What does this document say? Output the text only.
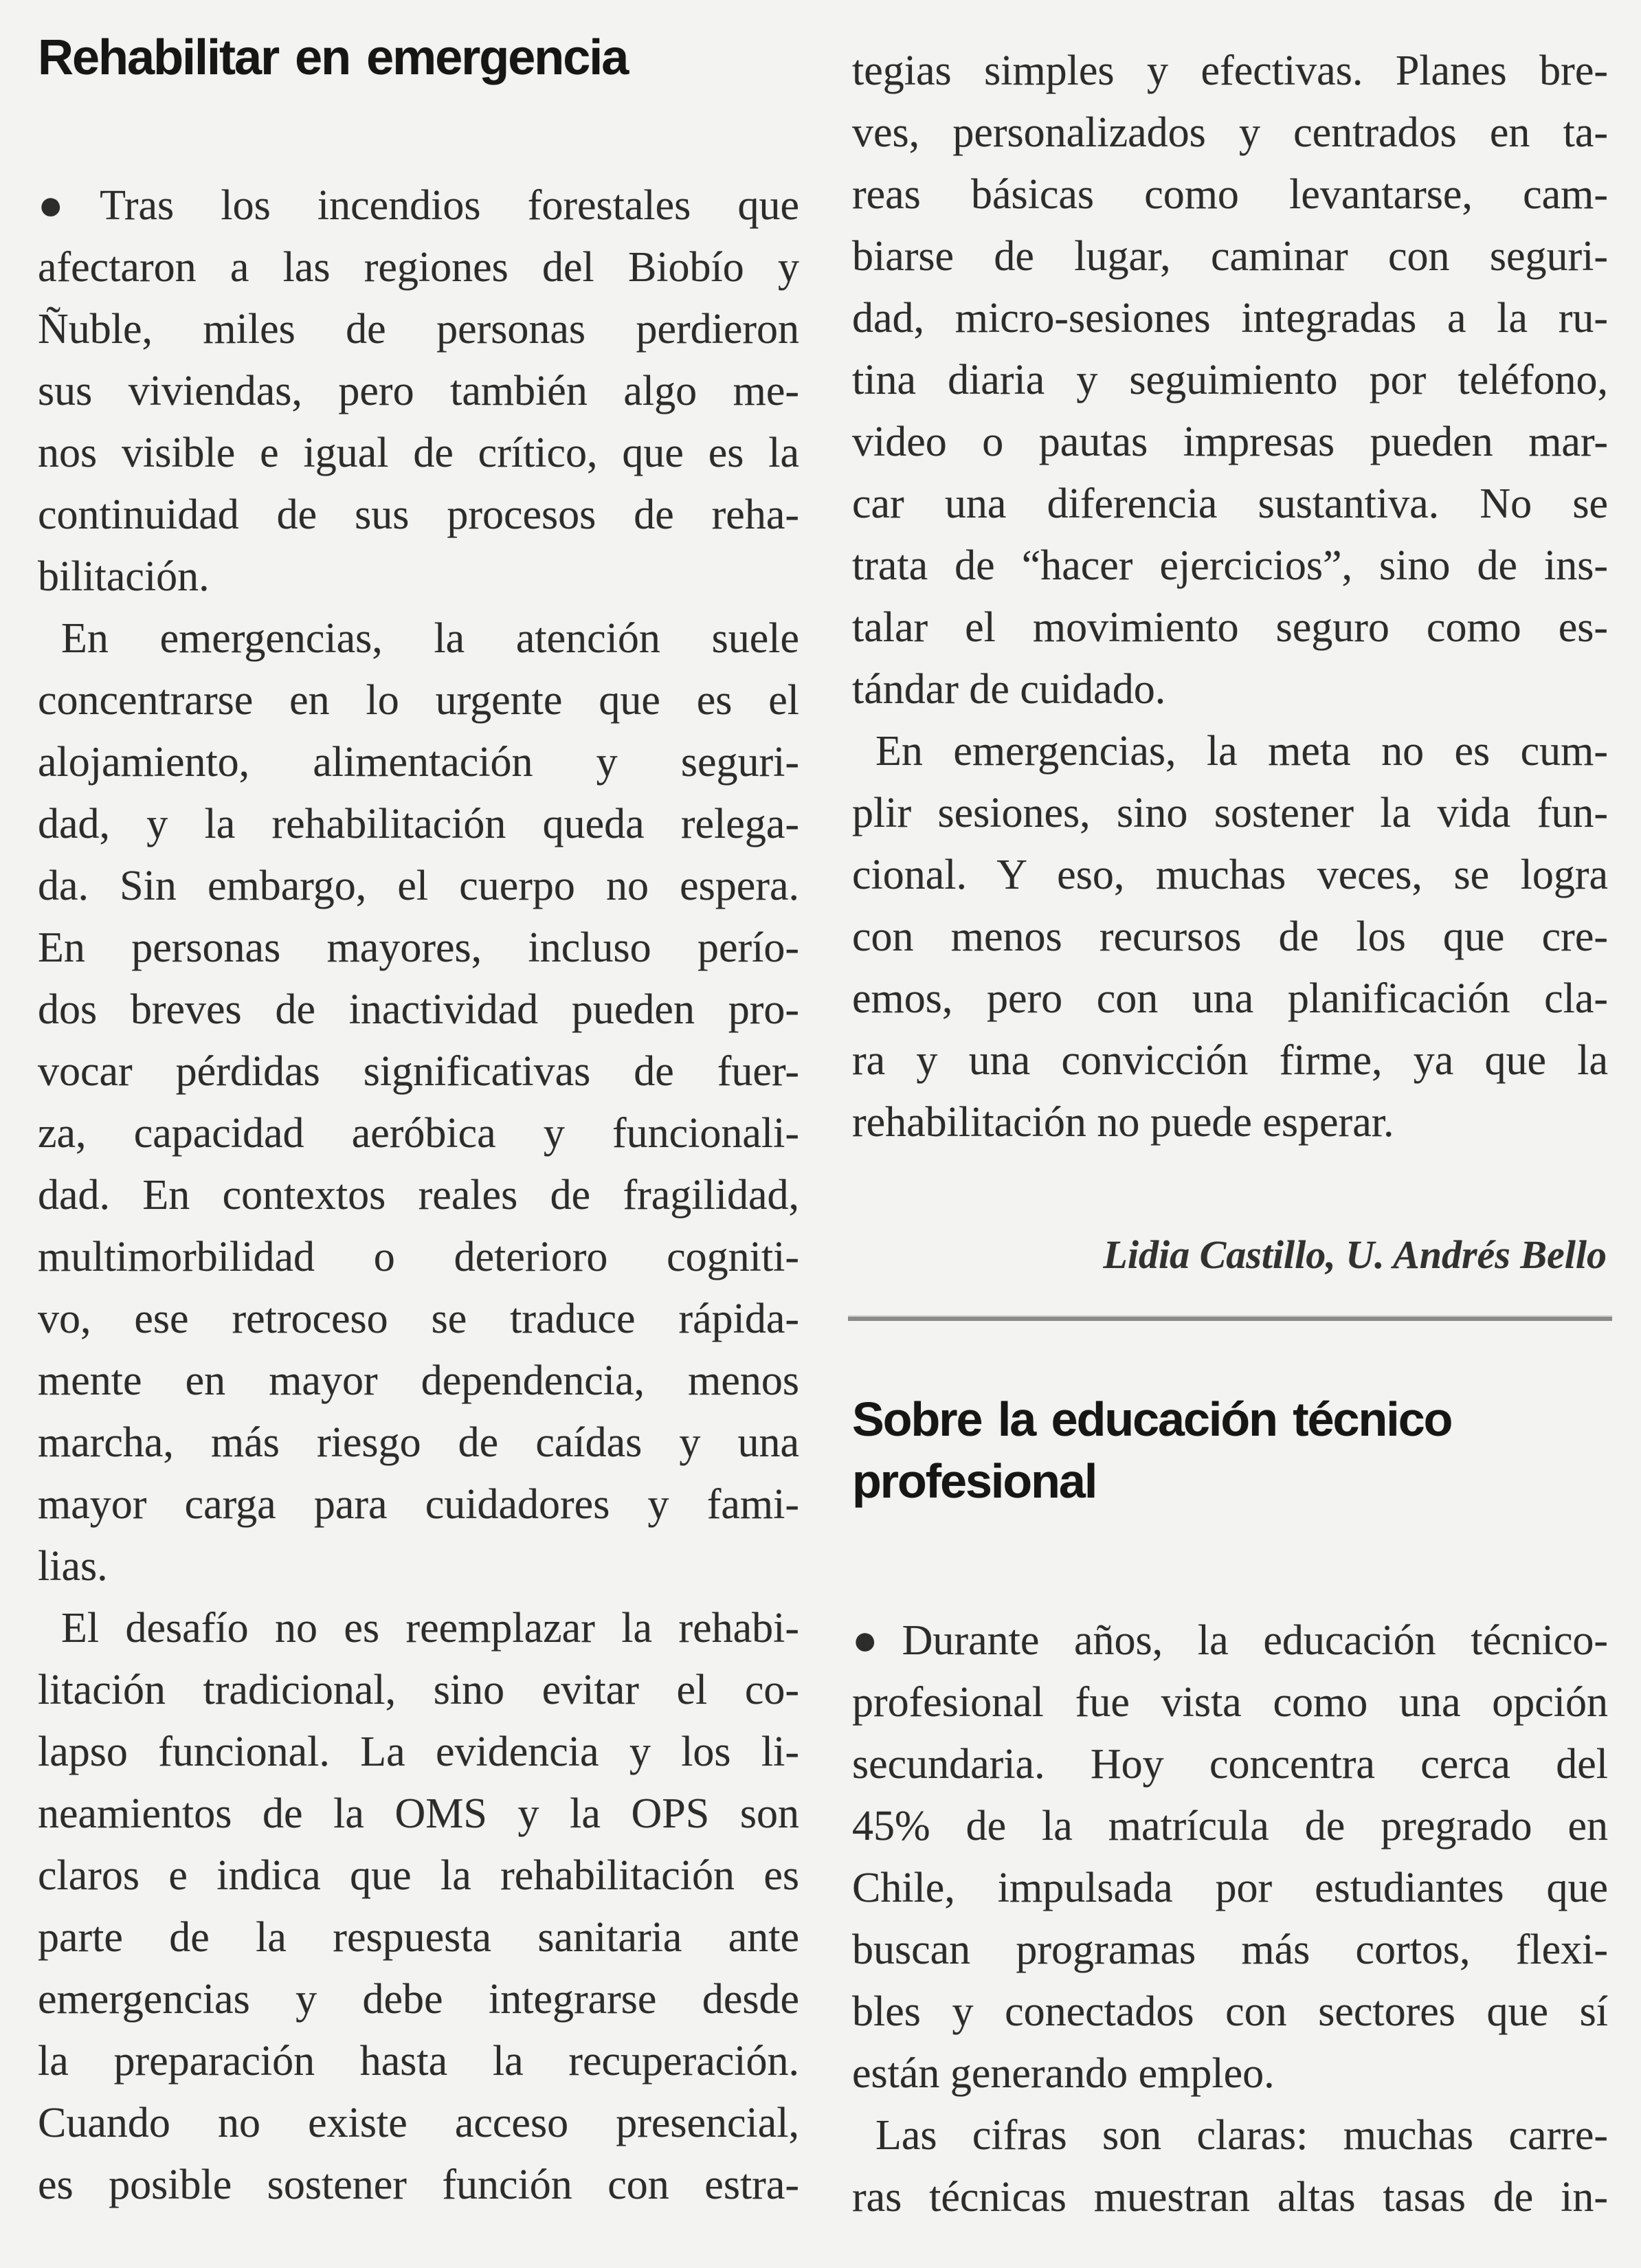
Rehabilitar en emergencia
●Tras los incendios forestales que
afectaron a las regiones del Biobío y
Ñuble, miles de personas perdieron
sus viviendas, pero también algo me-
nos visible e igual de crítico, que es la
continuidad de sus procesos de reha-
bilitación.
En emergencias, la atención suele
concentrarse en lo urgente que es el
alojamiento, alimentación y seguri-
dad, y la rehabilitación queda relega-
da. Sin embargo, el cuerpo no espera.
En personas mayores, incluso perío-
dos breves de inactividad pueden pro-
vocar pérdidas significativas de fuer-
za, capacidad aeróbica y funcionali-
dad. En contextos reales de fragilidad,
multimorbilidad o deterioro cogniti-
vo, ese retroceso se traduce rápida-
mente en mayor dependencia, menos
marcha, más riesgo de caídas y una
mayor carga para cuidadores y fami-
lias.
El desafío no es reemplazar la rehabi-
litación tradicional, sino evitar el co-
lapso funcional. La evidencia y los li-
neamientos de la OMS y la OPS son
claros e indica que la rehabilitación es
parte de la respuesta sanitaria ante
emergencias y debe integrarse desde
la preparación hasta la recuperación.
Cuando no existe acceso presencial,
es posible sostener función con estra-
tegias simples y efectivas. Planes bre-
ves, personalizados y centrados en ta-
reas básicas como levantarse, cam-
biarse de lugar, caminar con seguri-
dad, micro-sesiones integradas a la ru-
tina diaria y seguimiento por teléfono,
video o pautas impresas pueden mar-
car una diferencia sustantiva. No se
trata de “hacer ejercicios”, sino de ins-
talar el movimiento seguro como es-
tándar de cuidado.
En emergencias, la meta no es cum-
plir sesiones, sino sostener la vida fun-
cional. Y eso, muchas veces, se logra
con menos recursos de los que cre-
emos, pero con una planificación cla-
ra y una convicción firme, ya que la
rehabilitación no puede esperar.
Lidia Castillo, U. Andrés Bello
Sobre la educación técnico
profesional
●Durante años, la educación técnico-
profesional fue vista como una opción
secundaria. Hoy concentra cerca del
45% de la matrícula de pregrado en
Chile, impulsada por estudiantes que
buscan programas más cortos, flexi-
bles y conectados con sectores que sí
están generando empleo.
Las cifras son claras: muchas carre-
ras técnicas muestran altas tasas de in-
